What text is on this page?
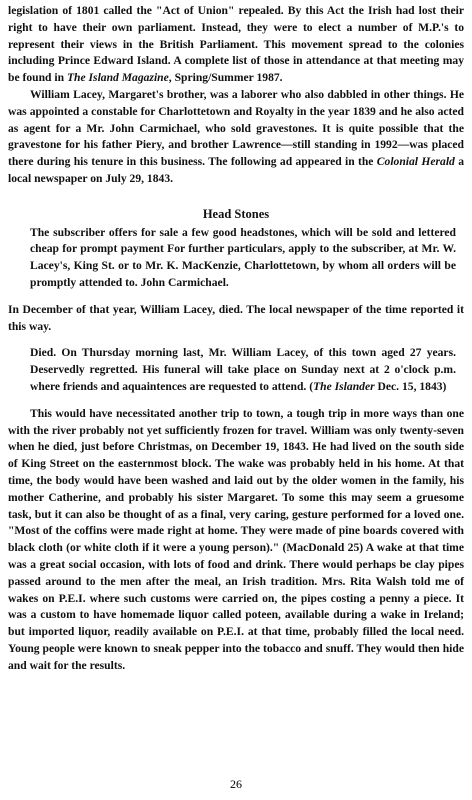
legislation of 1801 called the "Act of Union" repealed. By this Act the Irish had lost their right to have their own parliament. Instead, they were to elect a number of M.P.'s to represent their views in the British Parliament. This movement spread to the colonies including Prince Edward Island. A complete list of those in attendance at that meeting may be found in The Island Magazine, Spring/Summer 1987.

William Lacey, Margaret's brother, was a laborer who also dabbled in other things. He was appointed a constable for Charlottetown and Royalty in the year 1839 and he also acted as agent for a Mr. John Carmichael, who sold gravestones. It is quite possible that the gravestone for his father Piery, and brother Lawrence—still standing in 1992—was placed there during his tenure in this business. The following ad appeared in the Colonial Herald a local newspaper on July 29, 1843.

Head Stones

The subscriber offers for sale a few good headstones, which will be sold and lettered cheap for prompt payment For further particulars, apply to the subscriber, at Mr. W. Lacey's, King St. or to Mr. K. MacKenzie, Charlottetown, by whom all orders will be promptly attended to. John Carmichael.

In December of that year, William Lacey, died. The local newspaper of the time reported it this way.

Died. On Thursday morning last, Mr. William Lacey, of this town aged 27 years. Deservedly regretted. His funeral will take place on Sunday next at 2 o'clock p.m. where friends and aquaintences are requested to attend. (The Islander Dec. 15, 1843)

This would have necessitated another trip to town, a tough trip in more ways than one with the river probably not yet sufficiently frozen for travel. William was only twenty-seven when he died, just before Christmas, on December 19, 1843. He had lived on the south side of King Street on the easternmost block. The wake was probably held in his home. At that time, the body would have been washed and laid out by the older women in the family, his mother Catherine, and probably his sister Margaret. To some this may seem a gruesome task, but it can also be thought of as a final, very caring, gesture performed for a loved one. "Most of the coffins were made right at home. They were made of pine boards covered with black cloth (or white cloth if it were a young person)." (MacDonald 25) A wake at that time was a great social occasion, with lots of food and drink. There would perhaps be clay pipes passed around to the men after the meal, an Irish tradition. Mrs. Rita Walsh told me of wakes on P.E.I. where such customs were carried on, the pipes costing a penny a piece. It was a custom to have homemade liquor called poteen, available during a wake in Ireland; but imported liquor, readily available on P.E.I. at that time, probably filled the local need. Young people were known to sneak pepper into the tobacco and snuff. They would then hide and wait for the results.

26
